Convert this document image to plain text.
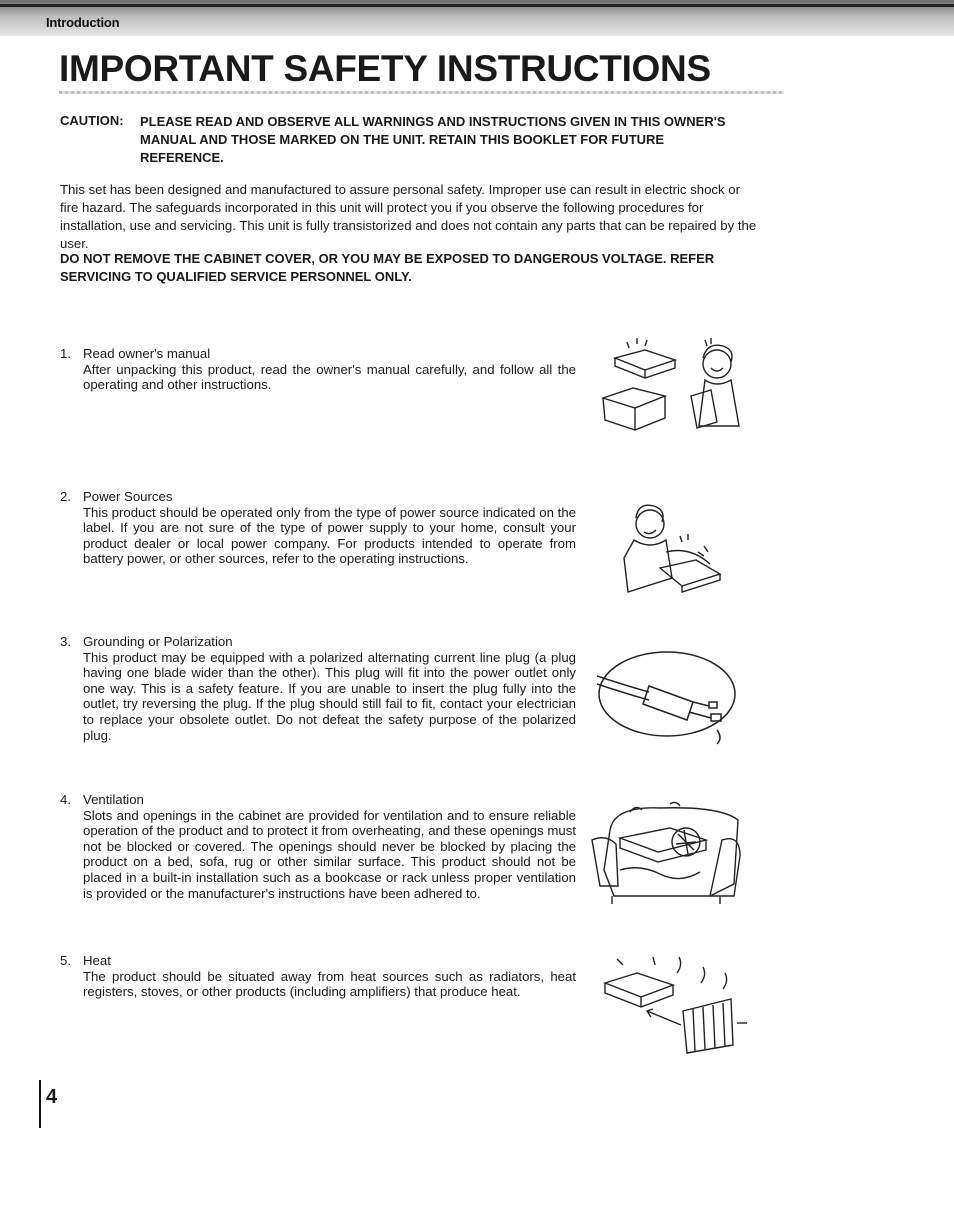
Introduction
IMPORTANT SAFETY INSTRUCTIONS
CAUTION: PLEASE READ AND OBSERVE ALL WARNINGS AND INSTRUCTIONS GIVEN IN THIS OWNER'S MANUAL AND THOSE MARKED ON THE UNIT. RETAIN THIS BOOKLET FOR FUTURE REFERENCE.
This set has been designed and manufactured to assure personal safety. Improper use can result in electric shock or fire hazard. The safeguards incorporated in this unit will protect you if you observe the following procedures for installation, use and servicing. This unit is fully transistorized and does not contain any parts that can be repaired by the user.
DO NOT REMOVE THE CABINET COVER, OR YOU MAY BE EXPOSED TO DANGEROUS VOLTAGE. REFER SERVICING TO QUALIFIED SERVICE PERSONNEL ONLY.
1. Read owner's manual
After unpacking this product, read the owner's manual carefully, and follow all the operating and other instructions.
2. Power Sources
This product should be operated only from the type of power source indicated on the label. If you are not sure of the type of power supply to your home, consult your product dealer or local power company. For products intended to operate from battery power, or other sources, refer to the operating instructions.
3. Grounding or Polarization
This product may be equipped with a polarized alternating current line plug (a plug having one blade wider than the other). This plug will fit into the power outlet only one way. This is a safety feature. If you are unable to insert the plug fully into the outlet, try reversing the plug. If the plug should still fail to fit, contact your electrician to replace your obsolete outlet. Do not defeat the safety purpose of the polarized plug.
4. Ventilation
Slots and openings in the cabinet are provided for ventilation and to ensure reliable operation of the product and to protect it from overheating, and these openings must not be blocked or covered. The openings should never be blocked by placing the product on a bed, sofa, rug or other similar surface. This product should not be placed in a built-in installation such as a bookcase or rack unless proper ventilation is provided or the manufacturer's instructions have been adhered to.
5. Heat
The product should be situated away from heat sources such as radiators, heat registers, stoves, or other products (including amplifiers) that produce heat.
4
